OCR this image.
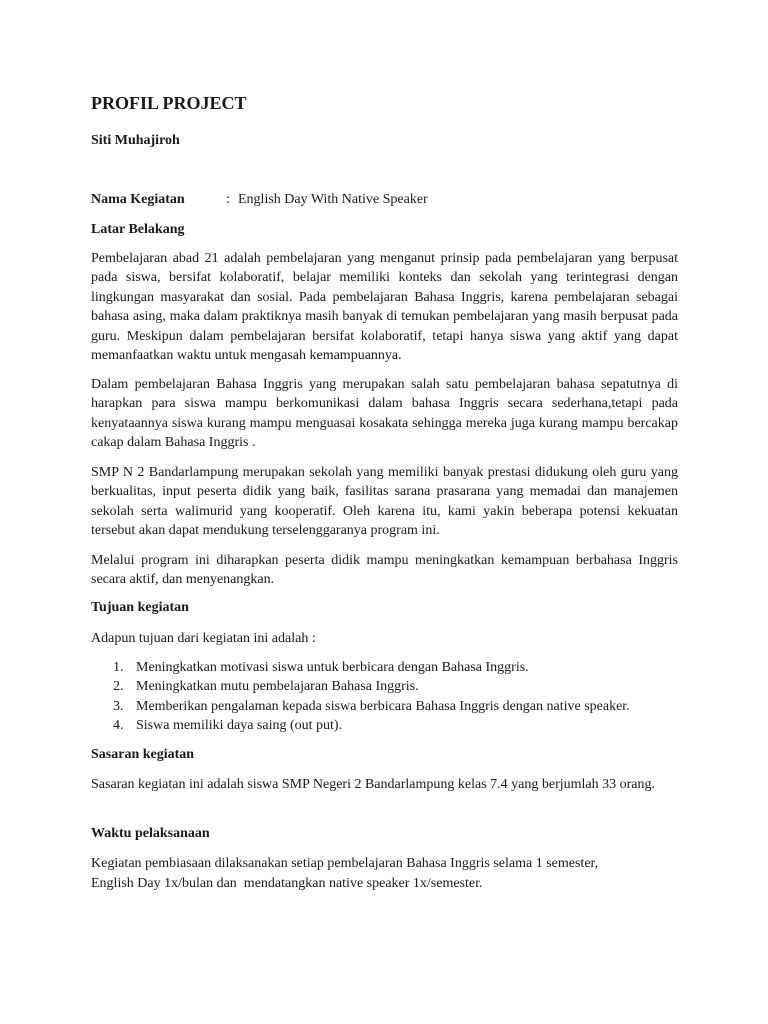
PROFIL PROJECT

Siti Muhajiroh

Nama Kegiatan	: English Day With Native Speaker
Latar Belakang

Pembelajaran abad 21 adalah pembelajaran yang menganut prinsip pada pembelajaran yang berpusat pada siswa, bersifat kolaboratif, belajar memiliki konteks dan sekolah yang terintegrasi dengan lingkungan masyarakat dan sosial. Pada pembelajaran Bahasa Inggris, karena pembelajaran sebagai bahasa asing, maka dalam praktiknya masih banyak di temukan pembelajaran yang masih berpusat pada guru. Meskipun dalam pembelajaran bersifat kolaboratif, tetapi hanya siswa yang aktif yang dapat memanfaatkan waktu untuk mengasah kemampuannya.

Dalam pembelajaran Bahasa Inggris yang merupakan salah satu pembelajaran bahasa sepatutnya di harapkan para siswa mampu berkomunikasi dalam bahasa Inggris secara sederhana,tetapi pada kenyataannya siswa kurang mampu menguasai kosakata sehingga mereka juga kurang mampu bercakap cakap dalam Bahasa Inggris .

SMP N 2 Bandarlampung merupakan sekolah yang memiliki banyak prestasi didukung oleh guru yang berkualitas, input peserta didik yang baik, fasilitas sarana prasarana yang memadai dan manajemen sekolah serta walimurid yang kooperatif. Oleh karena itu, kami yakin beberapa potensi kekuatan tersebut akan dapat mendukung terselenggaranya program ini.

Melalui program ini diharapkan peserta didik mampu meningkatkan kemampuan berbahasa Inggris secara aktif, dan menyenangkan.

Tujuan kegiatan

Adapun tujuan dari kegiatan ini adalah :

1. Meningkatkan motivasi siswa untuk berbicara dengan Bahasa Inggris.
2. Meningkatkan mutu pembelajaran Bahasa Inggris.
3. Memberikan pengalaman kepada siswa berbicara Bahasa Inggris dengan native speaker.
4. Siswa memiliki daya saing (out put).
Sasaran kegiatan

Sasaran kegiatan ini adalah siswa SMP Negeri 2 Bandarlampung kelas 7.4 yang berjumlah 33 orang.

Waktu pelaksanaan

Kegiatan pembiasaan dilaksanakan setiap pembelajaran Bahasa Inggris selama 1 semester,

English Day 1x/bulan dan  mendatangkan native speaker 1x/semester.
